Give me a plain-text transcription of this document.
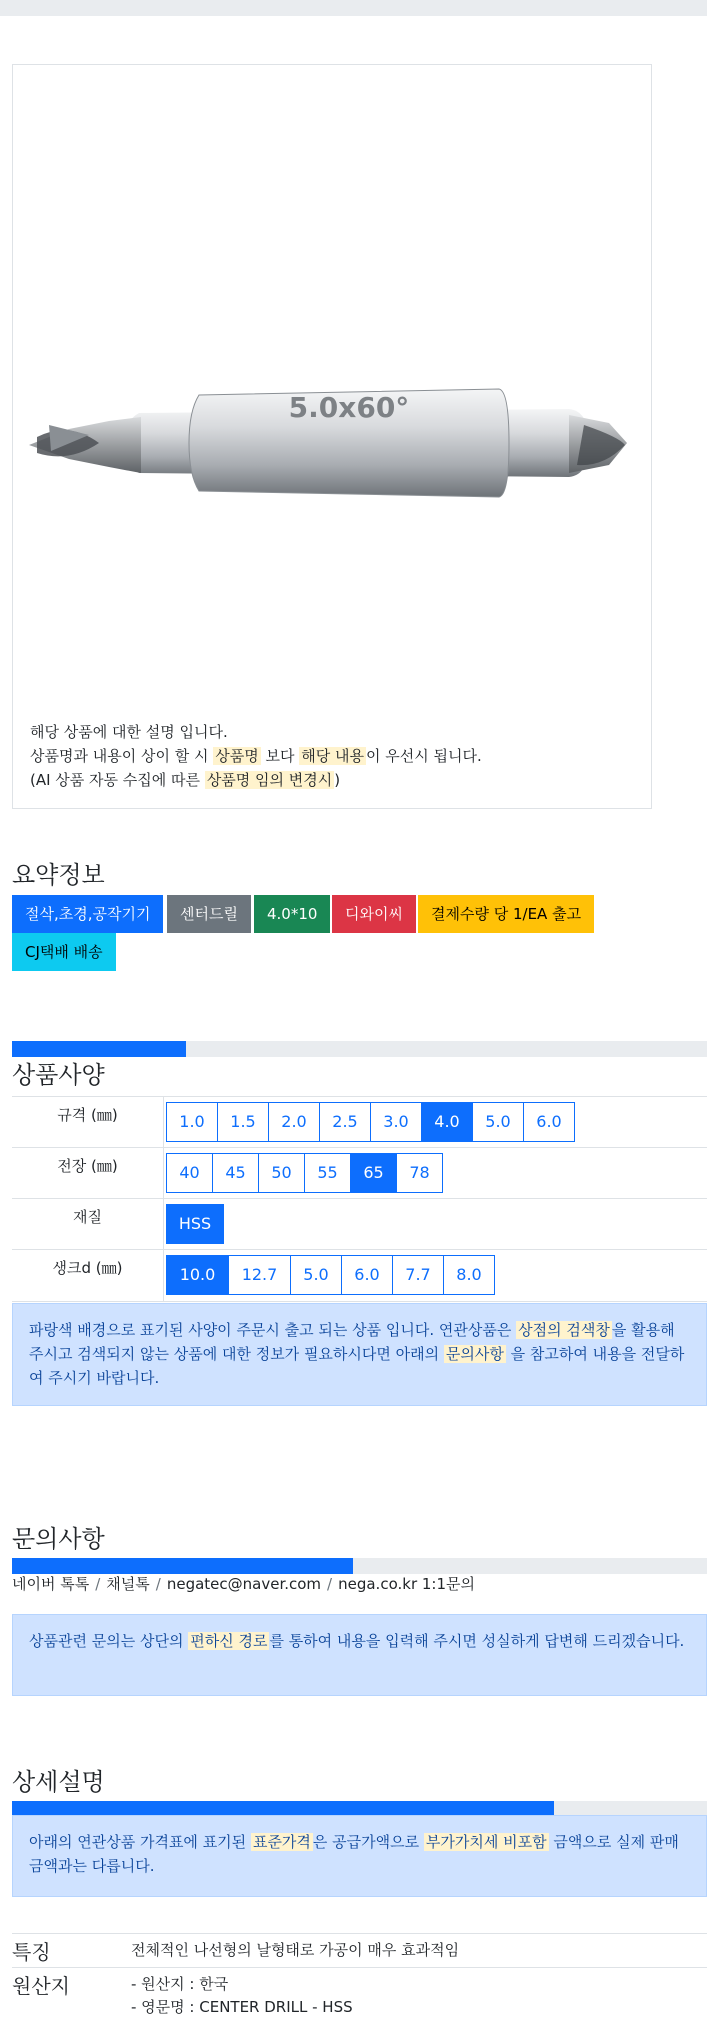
5.0x60°
해당 상품에 대한 설명 입니다.
상품명과 내용이 상이 할 시 상품명 보다 해당 내용 이 우선시 됩니다.
(AI 상품 자동 수집에 따른 상품명 임의 변경시 )
요약정보
절삭,초경,공작기기	센터드릴	4.0*10	디와이씨	결제수량 당 1/EA 출고
CJ택배 배송
상품사양
규격 (㎜)	1.0	1.5	2.0	2.5	3.0	4.0	5.0	6.0
전장 (㎜)	40	45	50	55	65	78
재질	HSS
생크d (㎜)	10.0	12.7	5.0	6.0	7.7	8.0
파랑색 배경으로 표기된 사양이 주문시 출고 되는 상품 입니다. 연관상품은 상점의 검색창 을 활용해 주시고 검색되지 않는 상품에 대한 정보가 필요하시다면 아래의 문의사항 을 참고하여 내용을 전달하여 주시기 바랍니다.
문의사항
네이버 톡톡 / 채널톡 / negatec@naver.com / nega.co.kr 1:1문의
상품관련 문의는 상단의 편하신 경로 를 통하여 내용을 입력해 주시면 성실하게 답변해 드리겠습니다.
상세설명
아래의 연관상품 가격표에 표기된 표준가격 은 공급가액으로 부가가치세 비포함 금액으로 실제 판매금액과는 다릅니다.
특징	전체적인 나선형의 날형태로 가공이 매우 효과적임
원산지	- 원산지 : 한국
- 영문명 : CENTER DRILL - HSS
